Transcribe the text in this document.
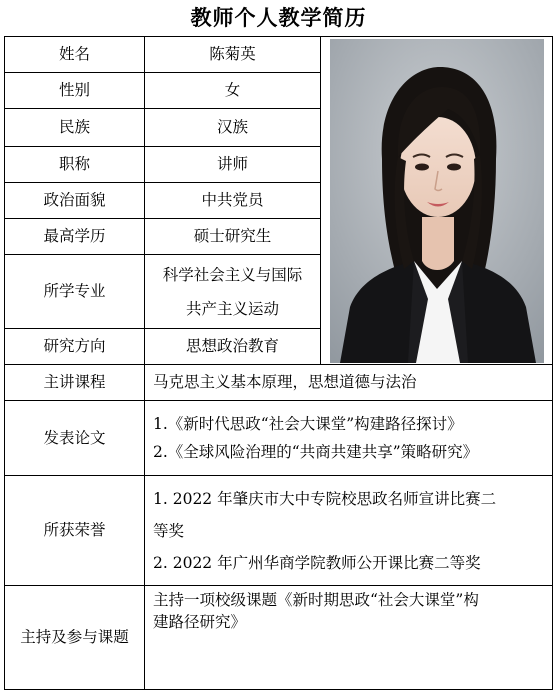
教师个人教学简历
姓名	陈菊英	

性别	女	
民族	汉族	
职称	讲师	
政治面貌	中共党员	
最高学历	硕士研究生	
所学专业	科学社会主义与国际
共产主义运动	

研究方向	思想政治教育	
主讲课程	马克思主义基本原理，思想道德与法治	
发表论文	1.《新时代思政“社会大课堂”构建路径探讨》
2.《全球风险治理的“共商共建共享”策略研究》	

所获荣誉	1. 2022 年肇庆市大中专院校思政名师宣讲比赛二
等奖
2. 2022 年广州华商学院教师公开课比赛二等奖	

主持及参与课题	主持一项校级课题《新时期思政“社会大课堂”构
建路径研究》	
